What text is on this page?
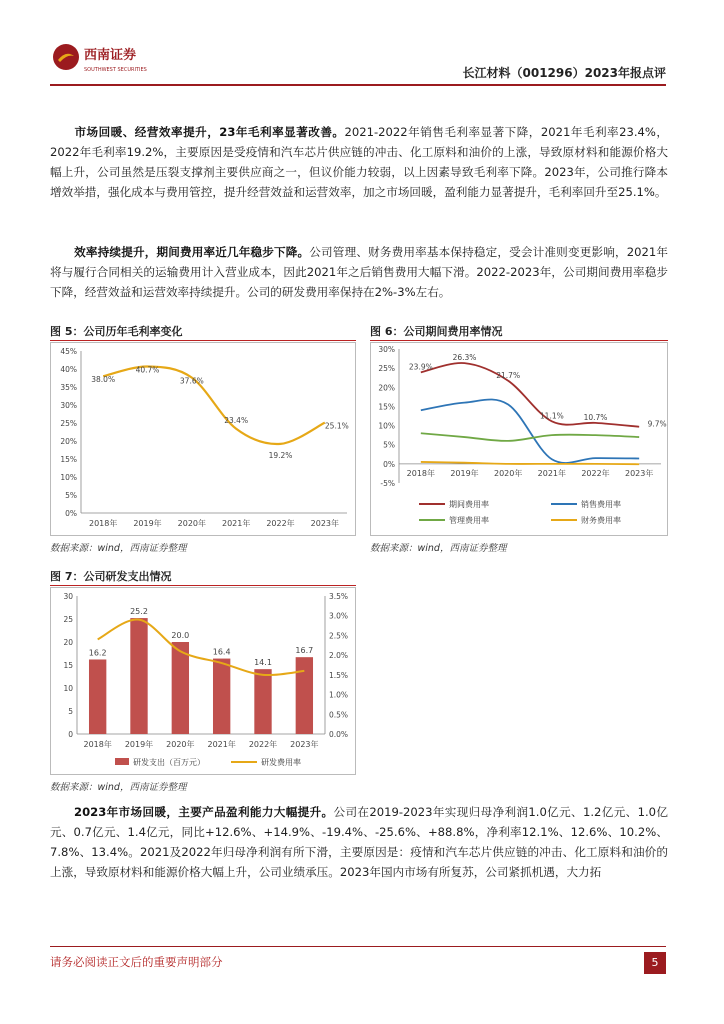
西南证券
SOUTHWEST SECURITIES	长江材料（001296）2023年报点评
市场回暖、经营效率提升，23年毛利率显著改善。2021-2022年销售毛利率显著下降，2021年毛利率23.4%，2022年毛利率19.2%，主要原因是受疫情和汽车芯片供应链的冲击、化工原料和油价的上涨，导致原材料和能源价格大幅上升，公司虽然是压裂支撑剂主要供应商之一，但议价能力较弱，以上因素导致毛利率下降。2023年，公司推行降本增效举措，强化成本与费用管控，提升经营效益和运营效率，加之市场回暖，盈利能力显著提升，毛利率回升至25.1%。
效率持续提升，期间费用率近几年稳步下降。公司管理、财务费用率基本保持稳定，受会计准则变更影响，2021年将与履行合同相关的运输费用计入营业成本，因此2021年之后销售费用大幅下滑。2022-2023年，公司期间费用率稳步下降，经营效益和运营效率持续提升。公司的研发费用率保持在2%-3%左右。
图 5：公司历年毛利率变化
0%
5%
10%
15%
20%
25%
30%
35%
40%
45%
2018年 2019年 2020年 2021年 2022年 2023年
38.0%
40.7%
37.6%
23.4%
19.2%
25.1%
数据来源：wind，西南证券整理
图 6：公司期间费用率情况
-5%
0%
5%
10%
15%
20%
25%
30%
2018年 2019年 2020年 2021年 2022年 2023年
23.9%
26.3%
21.7%
11.1%	10.7%
9.7%
期间费用率	销售费用率
管理费用率	财务费用率
数据来源：wind，西南证券整理
图 7：公司研发支出情况
0
5
10
15
20
25
30
0.0%
0.5%
1.0%
1.5%
2.0%
2.5%
3.0%
3.5%
16.2
25.2
20.0
16.4
14.1
16.7
2018年 2019年 2020年 2021年 2022年 2023年
研发支出（百万元）	研发费用率
数据来源：wind，西南证券整理
2023年市场回暖，主要产品盈利能力大幅提升。公司在2019-2023年实现归母净利润1.0亿元、1.2亿元、1.0亿元、0.7亿元、1.4亿元，同比+12.6%、+14.9%、-19.4%、-25.6%、+88.8%，净利率12.1%、12.6%、10.2%、7.8%、13.4%。2021及2022年归母净利润有所下滑，主要原因是：疫情和汽车芯片供应链的冲击、化工原料和油价的上涨，导致原材料和能源价格大幅上升，公司业绩承压。2023年国内市场有所复苏，公司紧抓机遇，大力拓
请务必阅读正文后的重要声明部分	5
